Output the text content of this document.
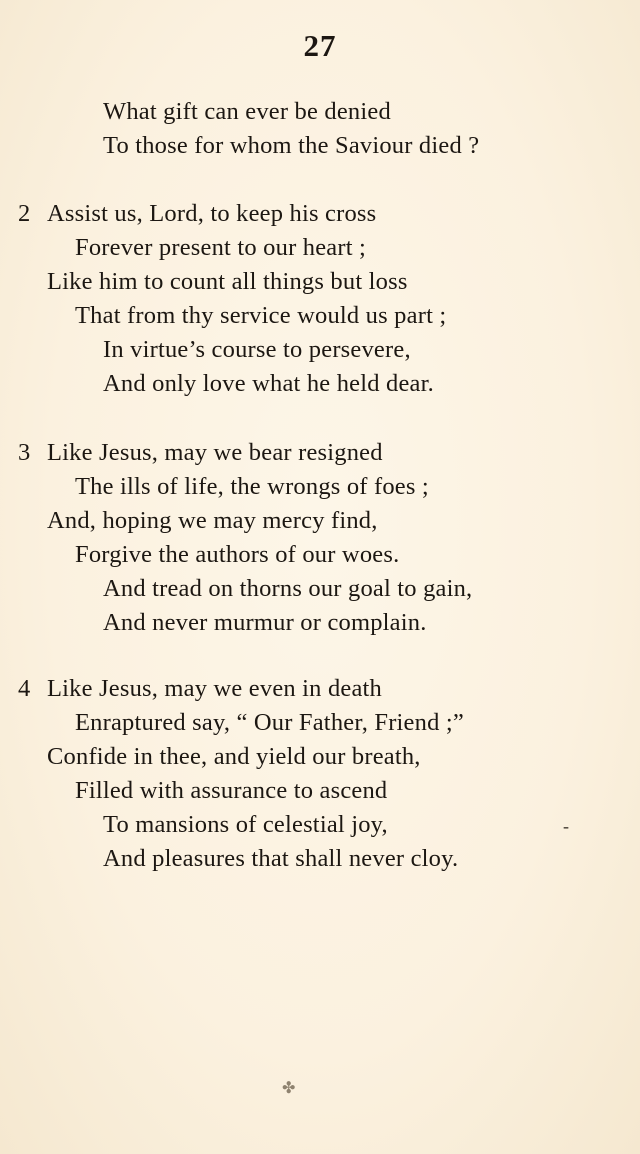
27
What gift can ever be denied
To those for whom the Saviour died ?
2 Assist us, Lord, to keep his cross
Forever present to our heart ;
Like him to count all things but loss
That from thy service would us part ;
In virtue’s course to persevere,
And only love what he held dear.
3 Like Jesus, may we bear resigned
The ills of life, the wrongs of foes ;
And, hoping we may mercy find,
Forgive the authors of our woes.
And tread on thorns our goal to gain,
And never murmur or complain.
4 Like Jesus, may we even in death
Enraptured say, “ Our Father, Friend ;”
Confide in thee, and yield our breath,
Filled with assurance to ascend
To mansions of celestial joy,
And pleasures that shall never cloy.
-
✤
